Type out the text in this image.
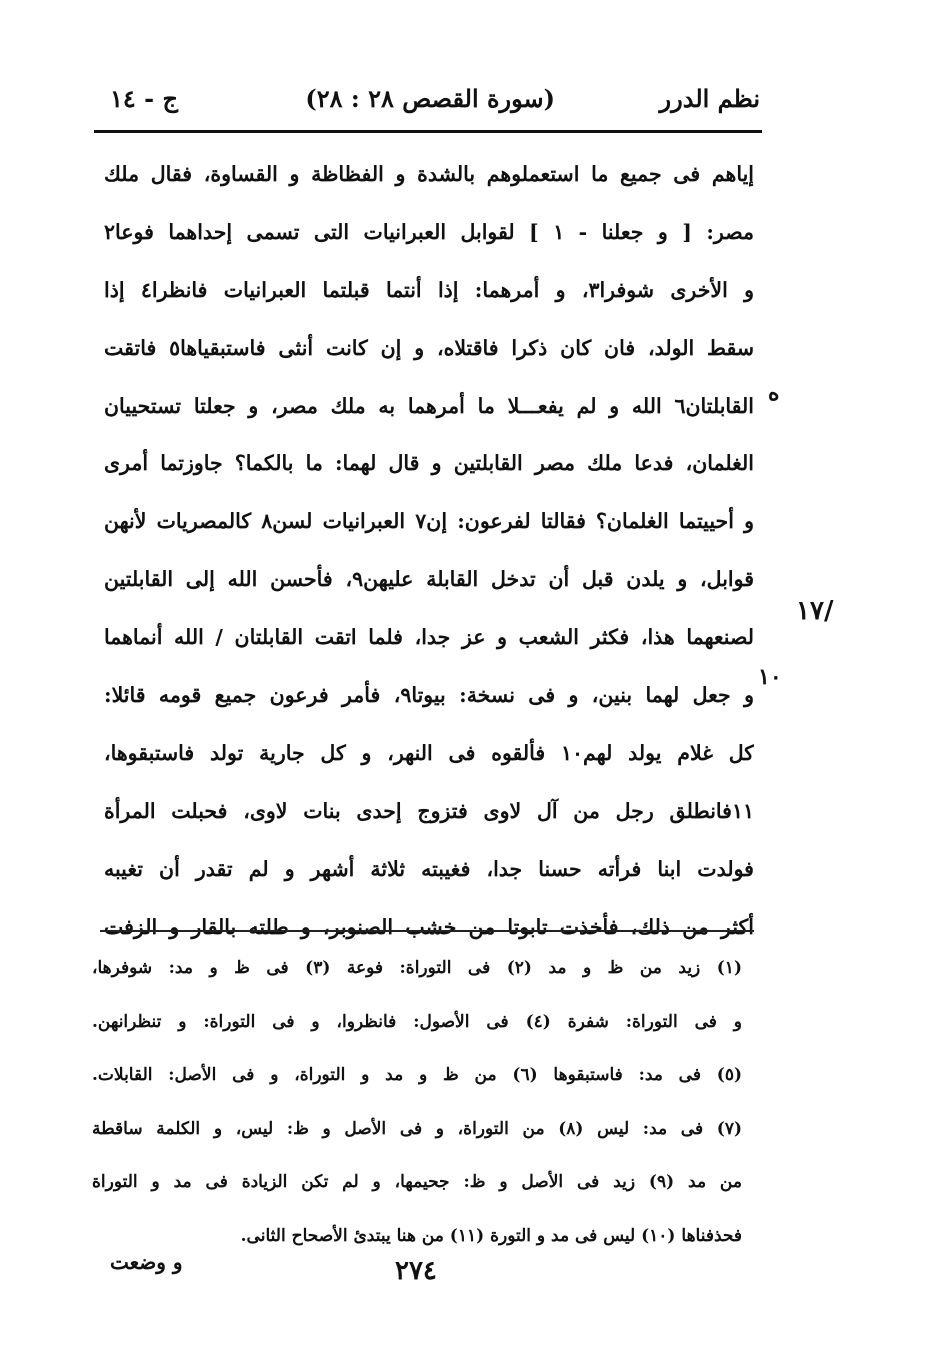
نظم الدرر
(سورة القصص ٢٨ : ٢٨)
ج - ١٤
إياهم فى جميع ما استعملوهم بالشدة و الفظاظة و القساوة، فقال ملك
مصر: [ و جعلنا - ١ ] لقوابل العبرانيات التى تسمى إحداهما فوعا٢
و الأخرى شوفرا٣، و أمرهما: إذا أنتما قبلتما العبرانيات فانظرا٤ إذا
سقط الولد، فان كان ذكرا فاقتلاه، و إن كانت أنثى فاستبقياها٥ فاتقت
القابلتان٦ الله و لم يفعـــلا ما أمرهما به ملك مصر، و جعلتا تستحييان
الغلمان، فدعا ملك مصر القابلتين و قال لهما: ما بالكما؟ جاوزتما أمرى
و أحييتما الغلمان؟ فقالتا لفرعون: إن٧ العبرانيات لسن٨ كالمصريات لأنهن
قوابل، و يلدن قبل أن تدخل القابلة عليهن٩، فأحسن الله إلى القابلتين
لصنعهما هذا، فكثر الشعب و عز جدا، فلما اتقت القابلتان / الله أنماهما
و جعل لهما بنين، و فى نسخة: بيوتا٩، فأمر فرعون جميع قومه قائلا:
كل غلام يولد لهم١٠ فألقوه فى النهر، و كل جارية تولد فاستبقوها،
١١فانطلق رجل من آل لاوى فتزوج إحدى بنات لاوى، فحبلت المرأة
فولدت ابنا فرأته حسنا جدا، فغيبته ثلاثة أشهر و لم تقدر أن تغيبه
أكثر من ذلك، فأخذت تابوتا من خشب الصنوبر، و طلته بالقار و الزفت
ه
١٧/
١٠
(١) زيد من ظ و مد (٢) فى التوراة: فوعة (٣) فى ظ و مد: شوفرها،
و فى التوراة: شفرة (٤) فى الأصول: فانظروا، و فى التوراة: و تنظرانهن.
(٥) فى مد: فاستبقوها (٦) من ظ و مد و التوراة، و فى الأصل: القابلات.
(٧) فى مد: ليس (٨) من التوراة، و فى الأصل و ظ: ليس، و الكلمة ساقطة
من مد (٩) زيد فى الأصل و ظ: جحيمها، و لم تكن الزيادة فى مد و التوراة
فحذفناها (١٠) ليس فى مد و التورة (١١) من هنا يبتدئ الأصحاح الثانى.
و وضعت	٢٧٤
